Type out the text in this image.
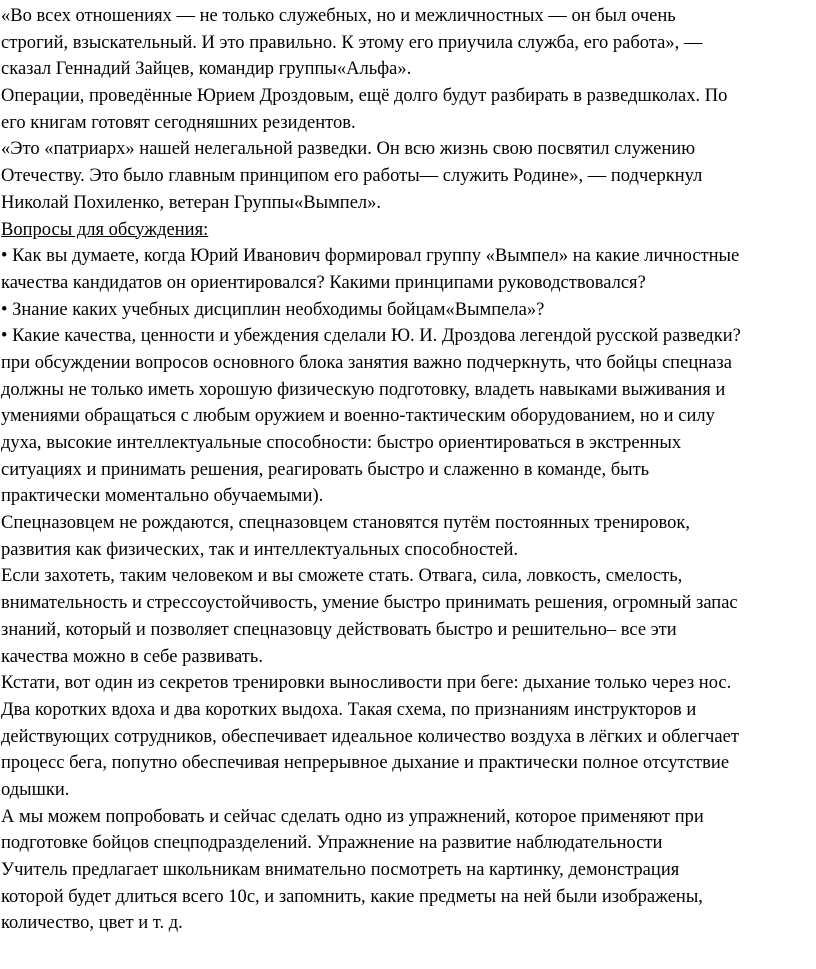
«Во всех отношениях — не только служебных, но и межличностных — он был очень
строгий, взыскательный. И это правильно. К этому его приучила служба, его работа», —
сказал Геннадий Зайцев, командир группы«Альфа».
Операции, проведённые Юрием Дроздовым, ещё долго будут разбирать в разведшколах. По
его книгам готовят сегодняшних резидентов.
«Это «патриарх» нашей нелегальной разведки. Он всю жизнь свою посвятил служению
Отечеству. Это было главным принципом его работы— служить Родине», — подчеркнул
Николай Похиленко, ветеран Группы«Вымпел».
Вопросы для обсуждения:
• Как вы думаете, когда Юрий Иванович формировал группу «Вымпел» на какие личностные
качества кандидатов он ориентировался? Какими принципами руководствовался?
• Знание каких учебных дисциплин необходимы бойцам«Вымпела»?
• Какие качества, ценности и убеждения сделали Ю. И. Дроздова легендой русской разведки?
при обсуждении вопросов основного блока занятия важно подчеркнуть, что бойцы спецназа
должны не только иметь хорошую физическую подготовку, владеть навыками выживания и
умениями обращаться с любым оружием и военно-тактическим оборудованием, но и силу
духа, высокие интеллектуальные способности: быстро ориентироваться в экстренных
ситуациях и принимать решения, реагировать быстро и слаженно в команде, быть
практически моментально обучаемыми).
Спецназовцем не рождаются, спецназовцем становятся путём постоянных тренировок,
развития как физических, так и интеллектуальных способностей.
Если захотеть, таким человеком и вы сможете стать. Отвага, сила, ловкость, смелость,
внимательность и стрессоустойчивость, умение быстро принимать решения, огромный запас
знаний, который и позволяет спецназовцу действовать быстро и решительно– все эти
качества можно в себе развивать.
Кстати, вот один из секретов тренировки выносливости при беге: дыхание только через нос.
Два коротких вдоха и два коротких выдоха. Такая схема, по признаниям инструкторов и
действующих сотрудников, обеспечивает идеальное количество воздуха в лёгких и облегчает
процесс бега, попутно обеспечивая непрерывное дыхание и практически полное отсутствие
одышки.
А мы можем попробовать и сейчас сделать одно из упражнений, которое применяют при
подготовке бойцов спецподразделений. Упражнение на развитие наблюдательности
Учитель предлагает школьникам внимательно посмотреть на картинку, демонстрация
которой будет длиться всего 10с, и запомнить, какие предметы на ней были изображены,
количество, цвет и т. д.
